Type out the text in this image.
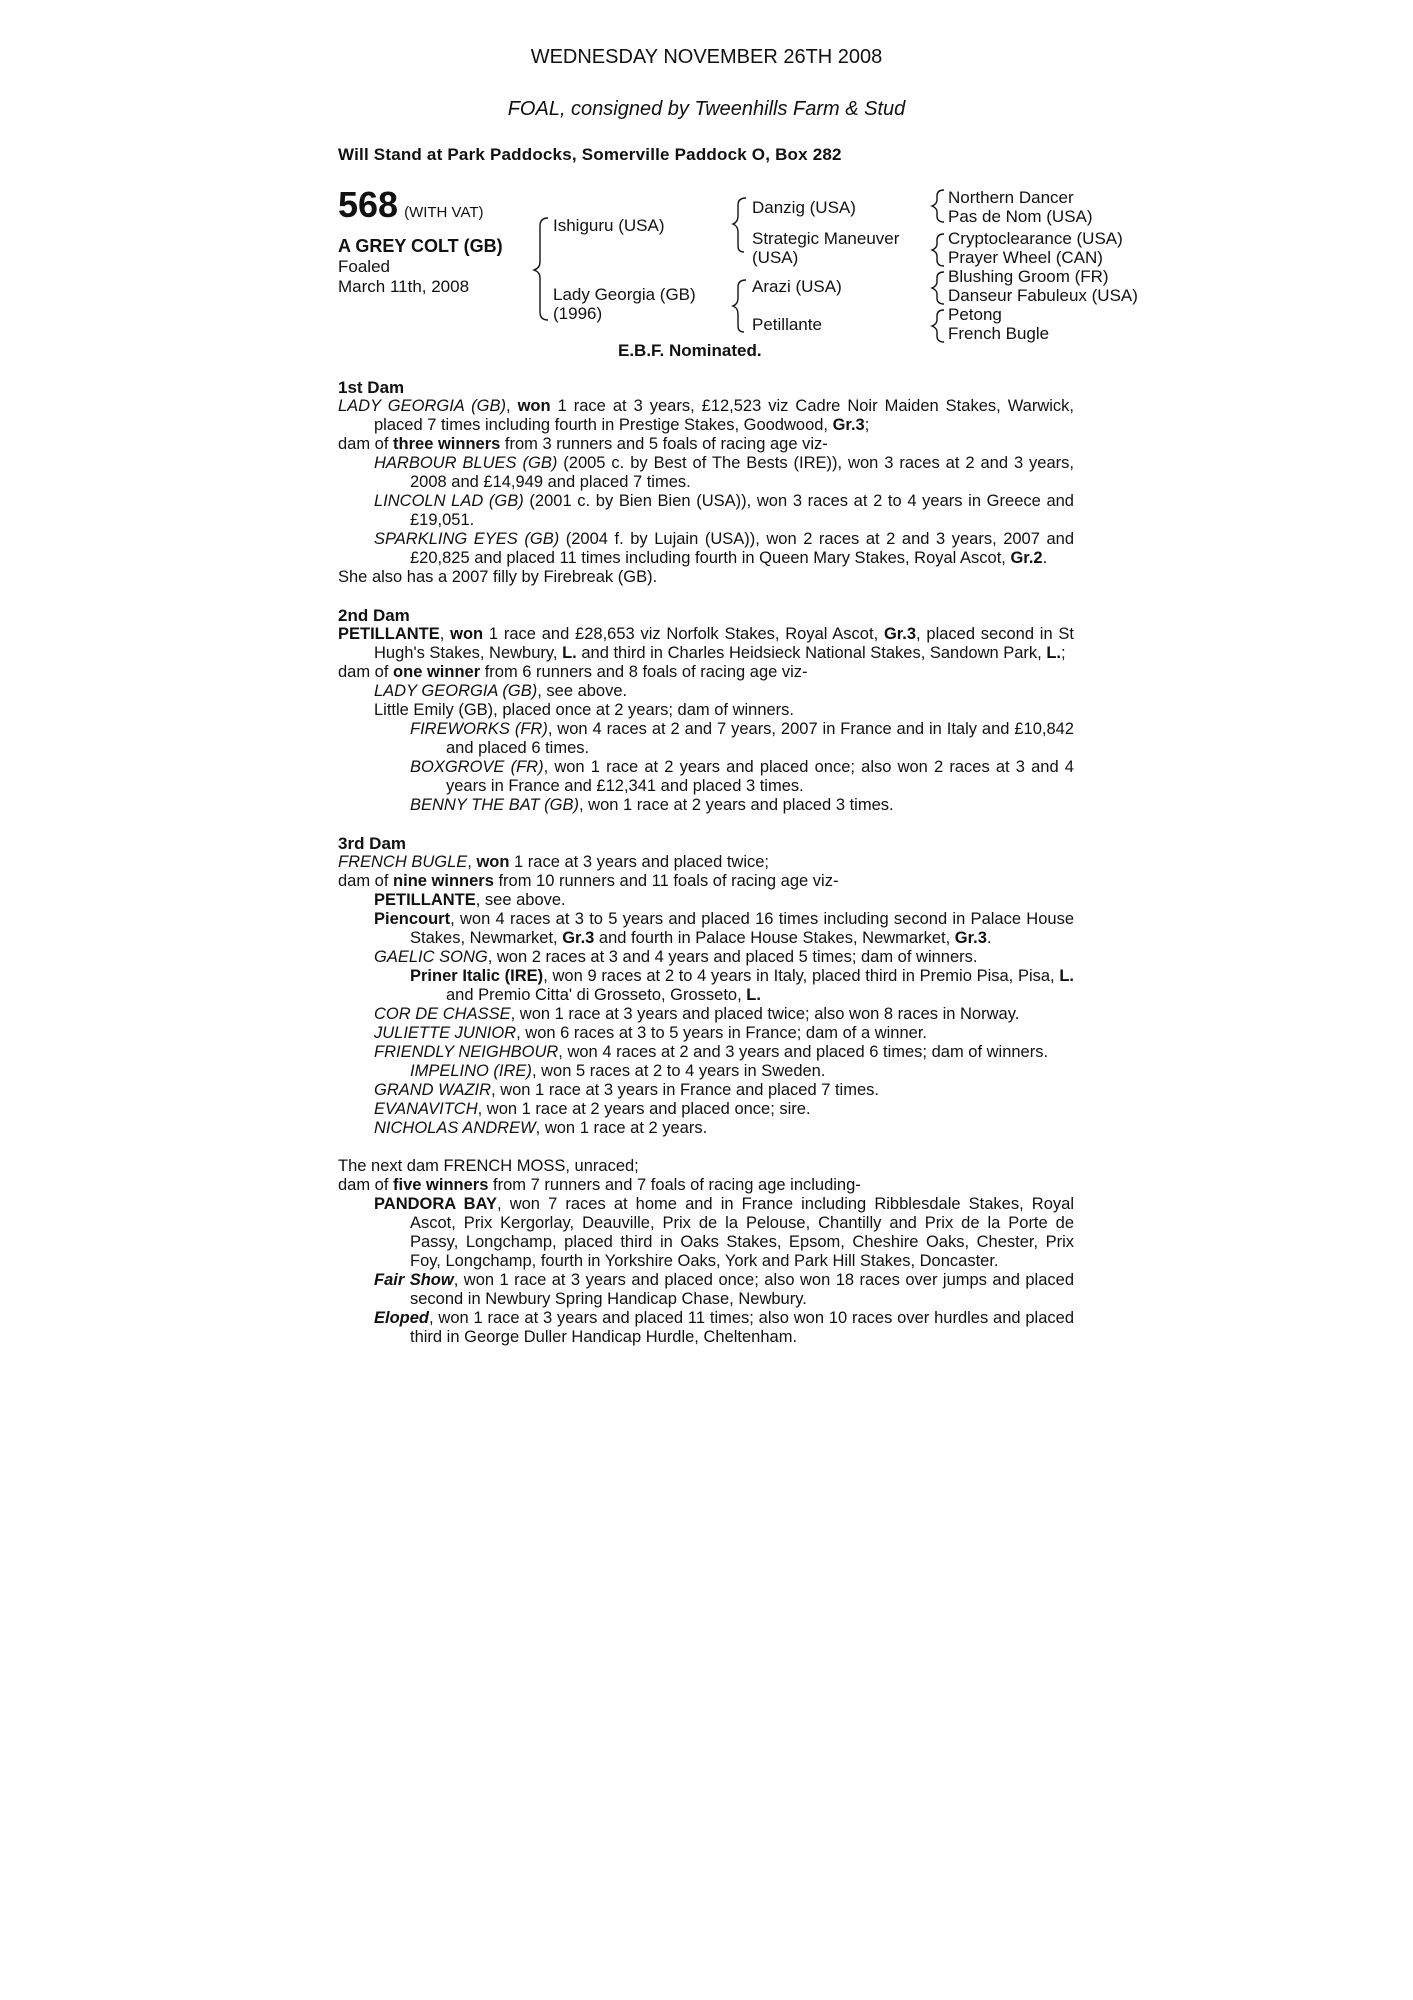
WEDNESDAY NOVEMBER 26TH 2008
FOAL, consigned by Tweenhills Farm & Stud
Will Stand at Park Paddocks, Somerville Paddock O, Box 282
568 (WITH VAT)
A GREY COLT (GB)
Foaled
March 11th, 2008
Ishiguru (USA)
Lady Georgia (GB)
(1996)
Danzig (USA)
Strategic Maneuver
(USA)
Arazi (USA)
Petillante
Northern Dancer
Pas de Nom (USA)
Cryptoclearance (USA)
Prayer Wheel (CAN)
Blushing Groom (FR)
Danseur Fabuleux (USA)
Petong
French Bugle
E.B.F. Nominated.
1st Dam
LADY GEORGIA (GB), won 1 race at 3 years, £12,523 viz Cadre Noir Maiden Stakes, Warwick, placed 7 times including fourth in Prestige Stakes, Goodwood, Gr.3;
dam of three winners from 3 runners and 5 foals of racing age viz-
HARBOUR BLUES (GB) (2005 c. by Best of The Bests (IRE)), won 3 races at 2 and 3 years, 2008 and £14,949 and placed 7 times.
LINCOLN LAD (GB) (2001 c. by Bien Bien (USA)), won 3 races at 2 to 4 years in Greece and £19,051.
SPARKLING EYES (GB) (2004 f. by Lujain (USA)), won 2 races at 2 and 3 years, 2007 and £20,825 and placed 11 times including fourth in Queen Mary Stakes, Royal Ascot, Gr.2.
She also has a 2007 filly by Firebreak (GB).
2nd Dam
PETILLANTE, won 1 race and £28,653 viz Norfolk Stakes, Royal Ascot, Gr.3, placed second in St Hugh's Stakes, Newbury, L. and third in Charles Heidsieck National Stakes, Sandown Park, L.;
dam of one winner from 6 runners and 8 foals of racing age viz-
LADY GEORGIA (GB), see above.
Little Emily (GB), placed once at 2 years; dam of winners.
FIREWORKS (FR), won 4 races at 2 and 7 years, 2007 in France and in Italy and £10,842 and placed 6 times.
BOXGROVE (FR), won 1 race at 2 years and placed once; also won 2 races at 3 and 4 years in France and £12,341 and placed 3 times.
BENNY THE BAT (GB), won 1 race at 2 years and placed 3 times.
3rd Dam
FRENCH BUGLE, won 1 race at 3 years and placed twice;
dam of nine winners from 10 runners and 11 foals of racing age viz-
PETILLANTE, see above.
Piencourt, won 4 races at 3 to 5 years and placed 16 times including second in Palace House Stakes, Newmarket, Gr.3 and fourth in Palace House Stakes, Newmarket, Gr.3.
GAELIC SONG, won 2 races at 3 and 4 years and placed 5 times; dam of winners.
Priner Italic (IRE), won 9 races at 2 to 4 years in Italy, placed third in Premio Pisa, Pisa, L. and Premio Citta' di Grosseto, Grosseto, L.
COR DE CHASSE, won 1 race at 3 years and placed twice; also won 8 races in Norway.
JULIETTE JUNIOR, won 6 races at 3 to 5 years in France; dam of a winner.
FRIENDLY NEIGHBOUR, won 4 races at 2 and 3 years and placed 6 times; dam of winners.
IMPELINO (IRE), won 5 races at 2 to 4 years in Sweden.
GRAND WAZIR, won 1 race at 3 years in France and placed 7 times.
EVANAVITCH, won 1 race at 2 years and placed once; sire.
NICHOLAS ANDREW, won 1 race at 2 years.
The next dam FRENCH MOSS, unraced;
dam of five winners from 7 runners and 7 foals of racing age including-
PANDORA BAY, won 7 races at home and in France including Ribblesdale Stakes, Royal Ascot, Prix Kergorlay, Deauville, Prix de la Pelouse, Chantilly and Prix de la Porte de Passy, Longchamp, placed third in Oaks Stakes, Epsom, Cheshire Oaks, Chester, Prix Foy, Longchamp, fourth in Yorkshire Oaks, York and Park Hill Stakes, Doncaster.
Fair Show, won 1 race at 3 years and placed once; also won 18 races over jumps and placed second in Newbury Spring Handicap Chase, Newbury.
Eloped, won 1 race at 3 years and placed 11 times; also won 10 races over hurdles and placed third in George Duller Handicap Hurdle, Cheltenham.
